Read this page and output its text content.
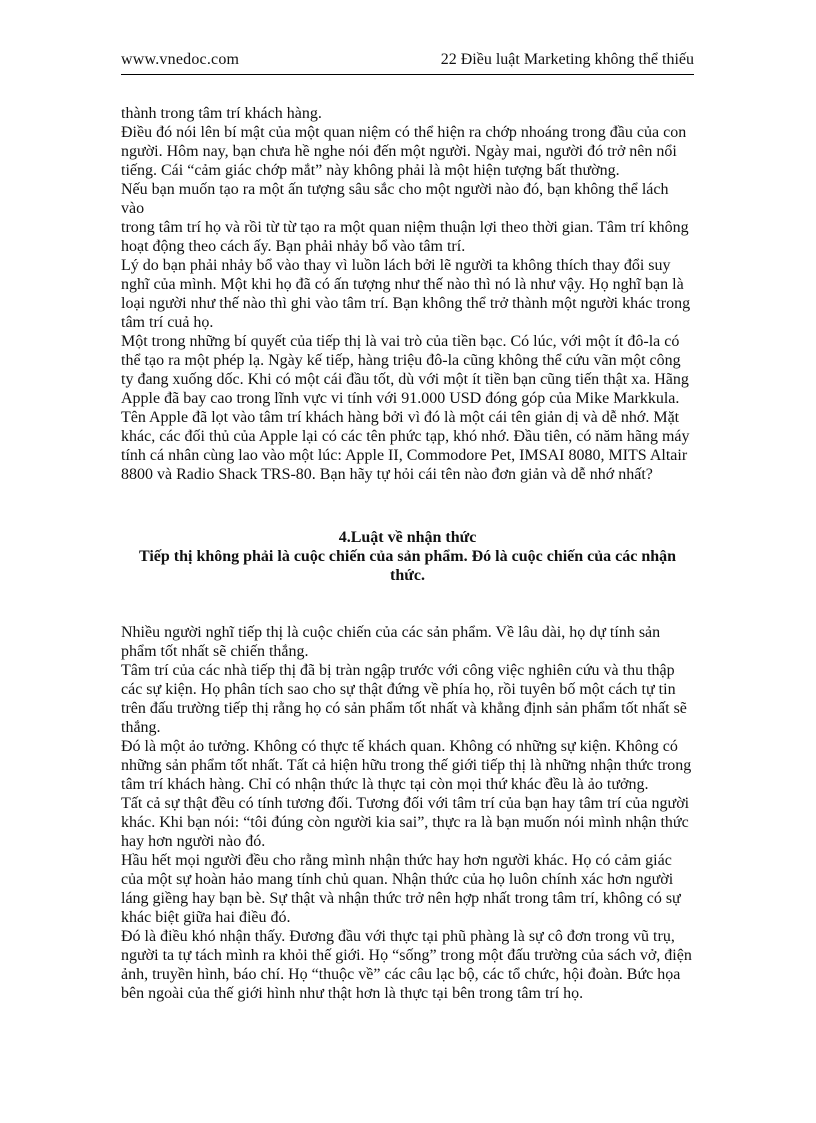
www.vnedoc.com	22 Điều luật Marketing không thể thiếu

thành trong tâm trí khách hàng.

Điều đó nói lên bí mật của một quan niệm có thể hiện ra chớp nhoáng trong đầu của con
người. Hôm nay, bạn chưa hề nghe nói đến một người. Ngày mai, người đó trở nên nổi
tiếng. Cái “cảm giác chớp mắt” này không phải là một hiện tượng bất thường.

Nếu bạn muốn tạo ra một ấn tượng sâu sắc cho một người nào đó, bạn không thể lách vào
trong tâm trí họ và rồi từ từ tạo ra một quan niệm thuận lợi theo thời gian. Tâm trí không
hoạt động theo cách ấy. Bạn phải nhảy bổ vào tâm trí.

Lý do bạn phải nhảy bổ vào thay vì luồn lách bởi lẽ người ta không thích thay đổi suy
nghĩ của mình. Một khi họ đã có ấn tượng như thế nào thì nó là như vậy. Họ nghĩ bạn là
loại người như thế nào thì ghi vào tâm trí. Bạn không thể trở thành một người khác trong
tâm trí cuả họ.

Một trong những bí quyết của tiếp thị là vai trò của tiền bạc. Có lúc, với một ít đô-la có
thể tạo ra một phép lạ. Ngày kế tiếp, hàng triệu đô-la cũng không thể cứu vãn một công
ty đang xuống dốc. Khi có một cái đầu tốt, dù với một ít tiền bạn cũng tiến thật xa. Hãng
Apple đã bay cao trong lĩnh vực vi tính với 91.000 USD đóng góp của Mike Markkula.
Tên Apple đã lọt vào tâm trí khách hàng bởi vì đó là một cái tên giản dị và dễ nhớ. Mặt
khác, các đối thủ của Apple lại có các tên phức tạp, khó nhớ. Đầu tiên, có năm hãng máy
tính cá nhân cùng lao vào một lúc: Apple II, Commodore Pet, IMSAI 8080, MITS Altair
8800 và Radio Shack TRS-80. Bạn hãy tự hỏi cái tên nào đơn giản và dễ nhớ nhất?

4.Luật về nhận thức

Tiếp thị không phải là cuộc chiến của sản phẩm. Đó là cuộc chiến của các nhận
thức.

Nhiều người nghĩ tiếp thị là cuộc chiến của các sản phẩm. Về lâu dài, họ dự tính sản
phẩm tốt nhất sẽ chiến thắng.

Tâm trí của các nhà tiếp thị đã bị tràn ngập trước với công việc nghiên cứu và thu thập
các sự kiện. Họ phân tích sao cho sự thật đứng về phía họ, rồi tuyên bố một cách tự tin
trên đấu trường tiếp thị rằng họ có sản phẩm tốt nhất và khẳng định sản phẩm tốt nhất sẽ
thắng.

Đó là một ảo tưởng. Không có thực tế khách quan. Không có những sự kiện. Không có
những sản phẩm tốt nhất. Tất cả hiện hữu trong thế giới tiếp thị là những nhận thức trong
tâm trí khách hàng. Chỉ có nhận thức là thực tại còn mọi thứ khác đều là ảo tưởng.

Tất cả sự thật đều có tính tương đối. Tương đối với tâm trí của bạn hay tâm trí của người
khác. Khi bạn nói: “tôi đúng còn người kia sai”, thực ra là bạn muốn nói mình nhận thức
hay hơn người nào đó.

Hầu hết mọi người đều cho rằng mình nhận thức hay hơn người khác. Họ có cảm giác
của một sự hoàn hảo mang tính chủ quan. Nhận thức của họ luôn chính xác hơn người
láng giềng hay bạn bè. Sự thật và nhận thức trở nên hợp nhất trong tâm trí, không có sự
khác biệt giữa hai điều đó.

Đó là điều khó nhận thấy. Đương đầu với thực tại phũ phàng là sự cô đơn trong vũ trụ,
người ta tự tách mình ra khỏi thế giới. Họ “sống” trong một đấu trường của sách vở, điện
ảnh, truyền hình, báo chí. Họ “thuộc về” các câu lạc bộ, các tổ chức, hội đoàn. Bức họa
bên ngoài của thế giới hình như thật hơn là thực tại bên trong tâm trí họ.
